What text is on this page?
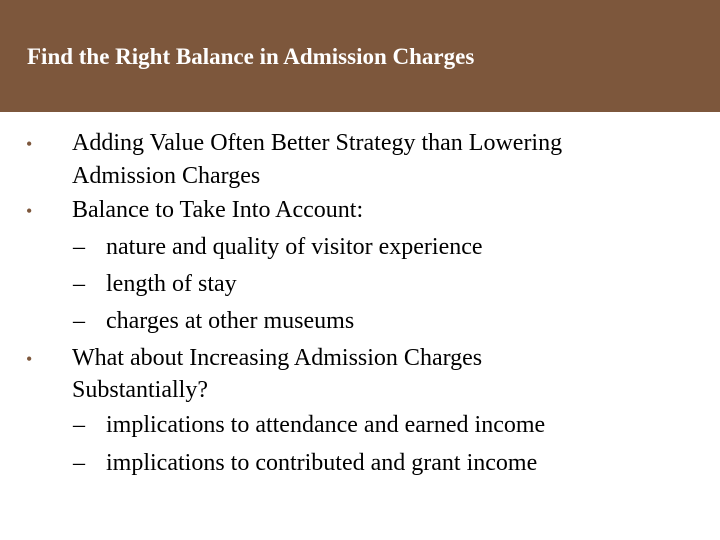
Find the Right Balance in Admission Charges
• Adding Value Often Better Strategy than Lowering
Admission Charges
• Balance to Take Into Account:
– nature and quality of visitor experience
– length of stay
– charges at other museums
• What about Increasing Admission Charges
Substantially?
– implications to attendance and earned income
– implications to contributed and grant income
